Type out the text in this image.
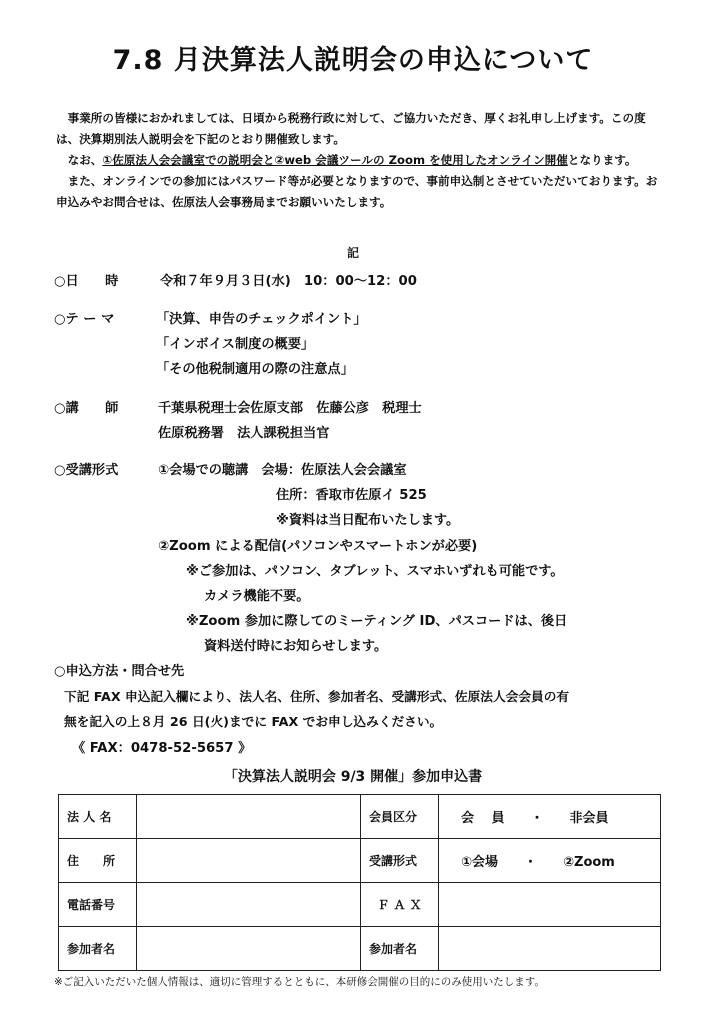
7.8 月決算法人説明会の申込について

事業所の皆様におかれましては、日頃から税務行政に対して、ご協力いただき、厚くお礼申し上げます。この度は、決算期別法人説明会を下記のとおり開催致します。

なお、①佐原法人会会議室での説明会と②web 会議ツールの Zoom を使用したオンライン開催となります。

また、オンラインでの参加にはパスワード等が必要となりますので、事前申込制とさせていただいております。お申込みやお問合せは、佐原法人会事務局までお願いいたします。

記
○日　　時	令和７年９月３日(水)　10：00～12：00
○テ ー マ	「決算、申告のチェックポイント」
「インボイス制度の概要」
「その他税制適用の際の注意点」
○講　　師	千葉県税理士会佐原支部　佐藤公彦　税理士
佐原税務署　法人課税担当官
○受講形式	①会場での聴講　会場：佐原法人会会議室
住所：香取市佐原イ 525
※資料は当日配布いたします。
②Zoom による配信(パソコンやスマートホンが必要)
※ご参加は、パソコン、タブレット、スマホいずれも可能です。
カメラ機能不要。
※Zoom 参加に際してのミーティング ID、パスコードは、後日
資料送付時にお知らせします。
○申込方法・問合せ先
下記 FAX 申込記入欄により、法人名、住所、参加者名、受講形式、佐原法人会会員の有
無を記入の上８月 26 日(火)までに FAX でお申し込みください。
《 FAX：0478-52-5657 》
「決算法人説明会 9/3 開催」参加申込書
法 人 名		会員区分	会　 員　　・　　非会員
住　　所		受講形式	①会場　　・　　②Zoom
電話番号		Ｆ Ａ Ｘ	
参加者名		参加者名	
※ご記入いただいた個人情報は、適切に管理するとともに、本研修会開催の目的にのみ使用いたします。
